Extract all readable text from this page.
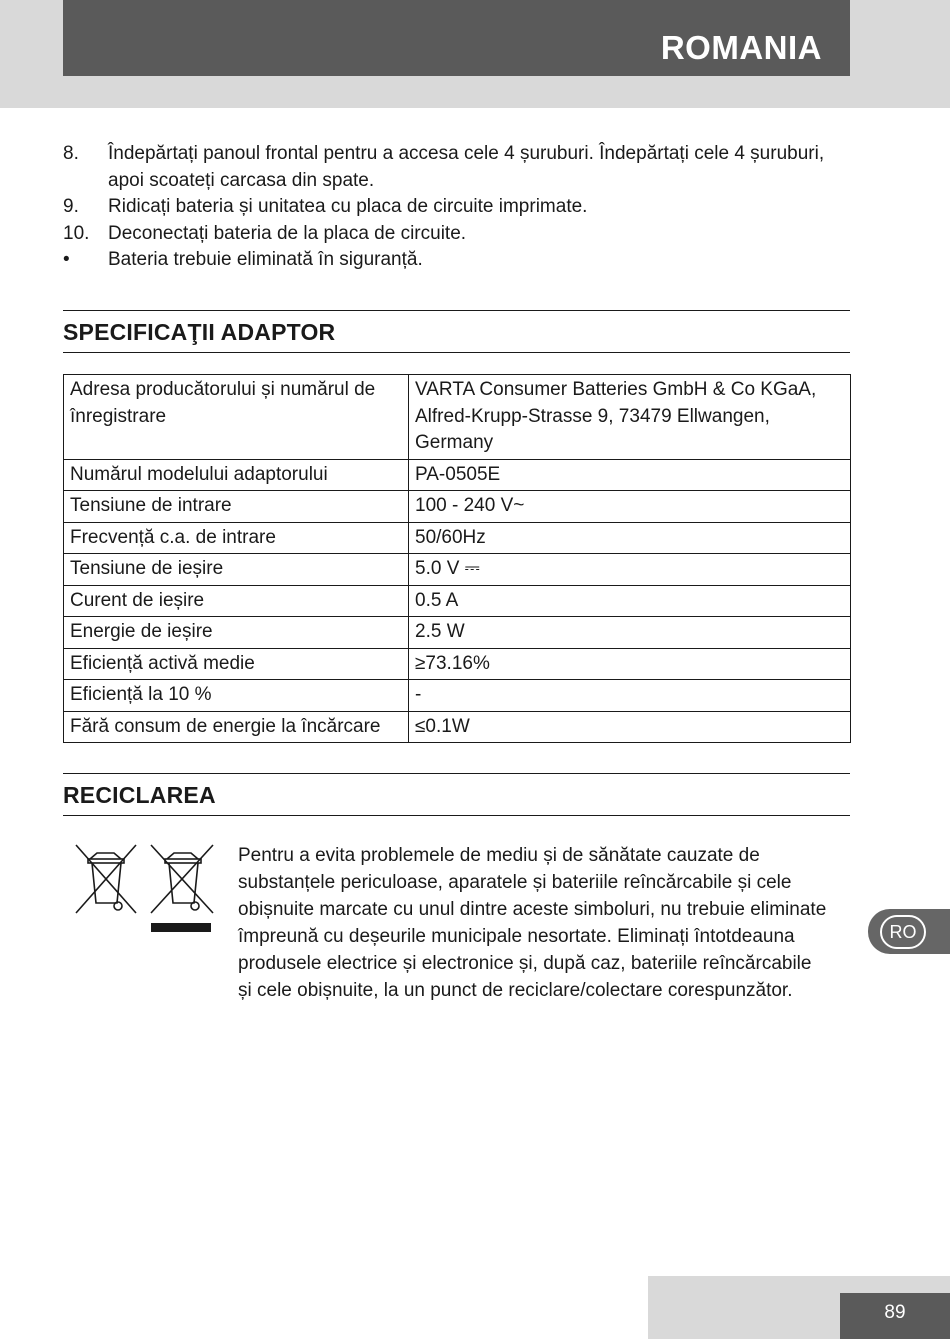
ROMANIA
8.	Îndepărtați panoul frontal pentru a accesa cele 4 șuruburi. Îndepărtați cele 4 șuruburi, apoi scoateți carcasa din spate.
9.	Ridicați bateria și unitatea cu placa de circuite imprimate.
10. Deconectați bateria de la placa de circuite.
•	Bateria trebuie eliminată în siguranță.
SPECIFICAŢII ADAPTOR
Adresa producătorului și numărul de înregistrare	VARTA Consumer Batteries GmbH & Co KGaA, Alfred-Krupp-Strasse 9, 73479 Ellwangen, Germany
Numărul modelului adaptorului	PA-0505E
Tensiune de intrare	100 - 240 V~
Frecvență c.a. de intrare	50/60Hz
Tensiune de ieșire	5.0 V ⎓
Curent de ieșire	0.5 A
Energie de ieșire	2.5 W
Eficiență activă medie	≥73.16%
Eficiență la 10 %	-
Fără consum de energie la încărcare	≤0.1W
RECICLAREA
Pentru a evita problemele de mediu și de sănătate cauzate de substanțele periculoase, aparatele și bateriile reîncărcabile și cele obișnuite marcate cu unul dintre aceste simboluri, nu trebuie eliminate împreună cu deșeurile municipale nesortate. Eliminați întotdeauna produsele electrice și electronice și, după caz, bateriile reîncărcabile și cele obișnuite, la un punct de reciclare/colectare corespunzător.
RO
89
